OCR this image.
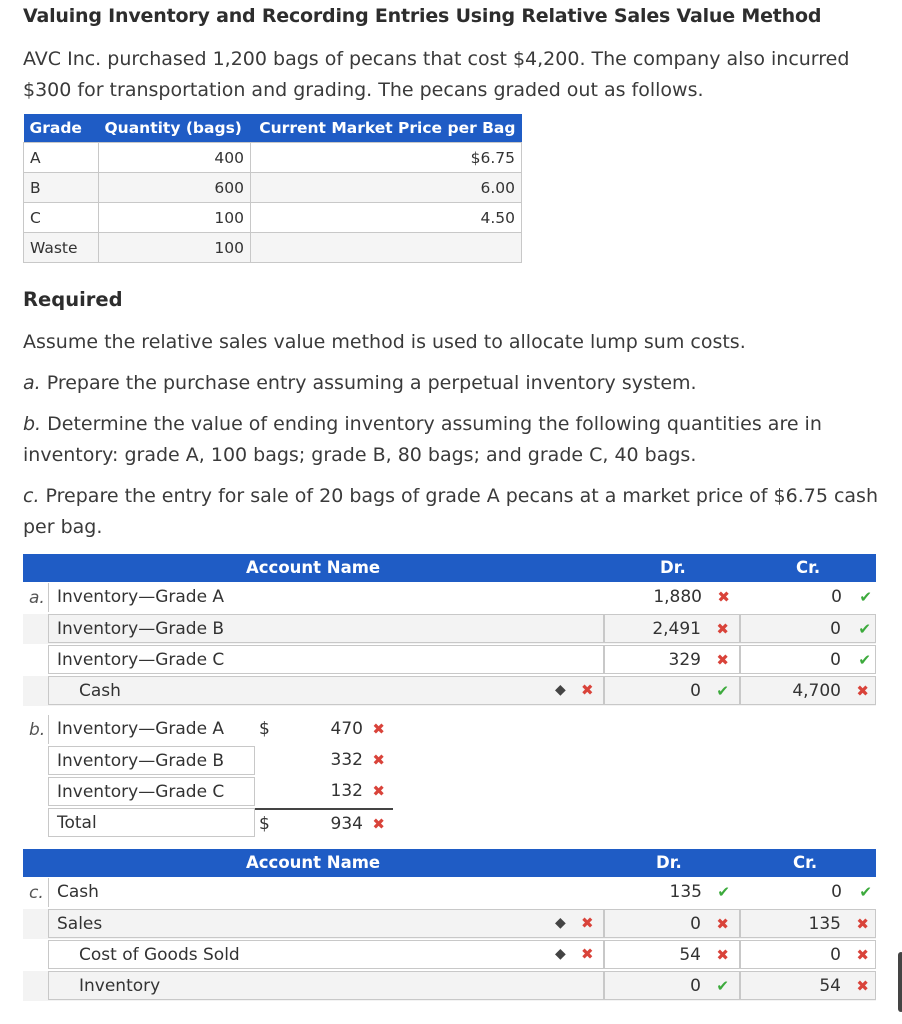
Valuing Inventory and Recording Entries Using Relative Sales Value Method
AVC Inc. purchased 1,200 bags of pecans that cost $4,200. The company also incurred $300 for transportation and grading. The pecans graded out as follows.
Grade	Quantity (bags)	Current Market Price per Bag
A	400	$6.75
B	600	6.00
C	100	4.50
Waste	100	
Required
Assume the relative sales value method is used to allocate lump sum costs.
a. Prepare the purchase entry assuming a perpetual inventory system.
b. Determine the value of ending inventory assuming the following quantities are in inventory: grade A, 100 bags; grade B, 80 bags; and grade C, 40 bags.
c. Prepare the entry for sale of 20 bags of grade A pecans at a market price of $6.75 cash per bag.
Account Name	Dr.	Cr.
a. Inventory—Grade A	1,880 ✖	0 ✔
Inventory—Grade B	2,491 ✖	0 ✔
Inventory—Grade C	329 ✖	0 ✔
Cash	◆ ✖	0 ✔	4,700 ✖
b. Inventory—Grade A	$	470 ✖
Inventory—Grade B	332 ✖
Inventory—Grade C	132 ✖
Total	$	934 ✖
Account Name	Dr.	Cr.
c. Cash	135 ✔	0 ✔
Sales	◆ ✖	0 ✖	135 ✖
Cost of Goods Sold	◆ ✖	54 ✖	0 ✖
Inventory	0 ✔	54 ✖
